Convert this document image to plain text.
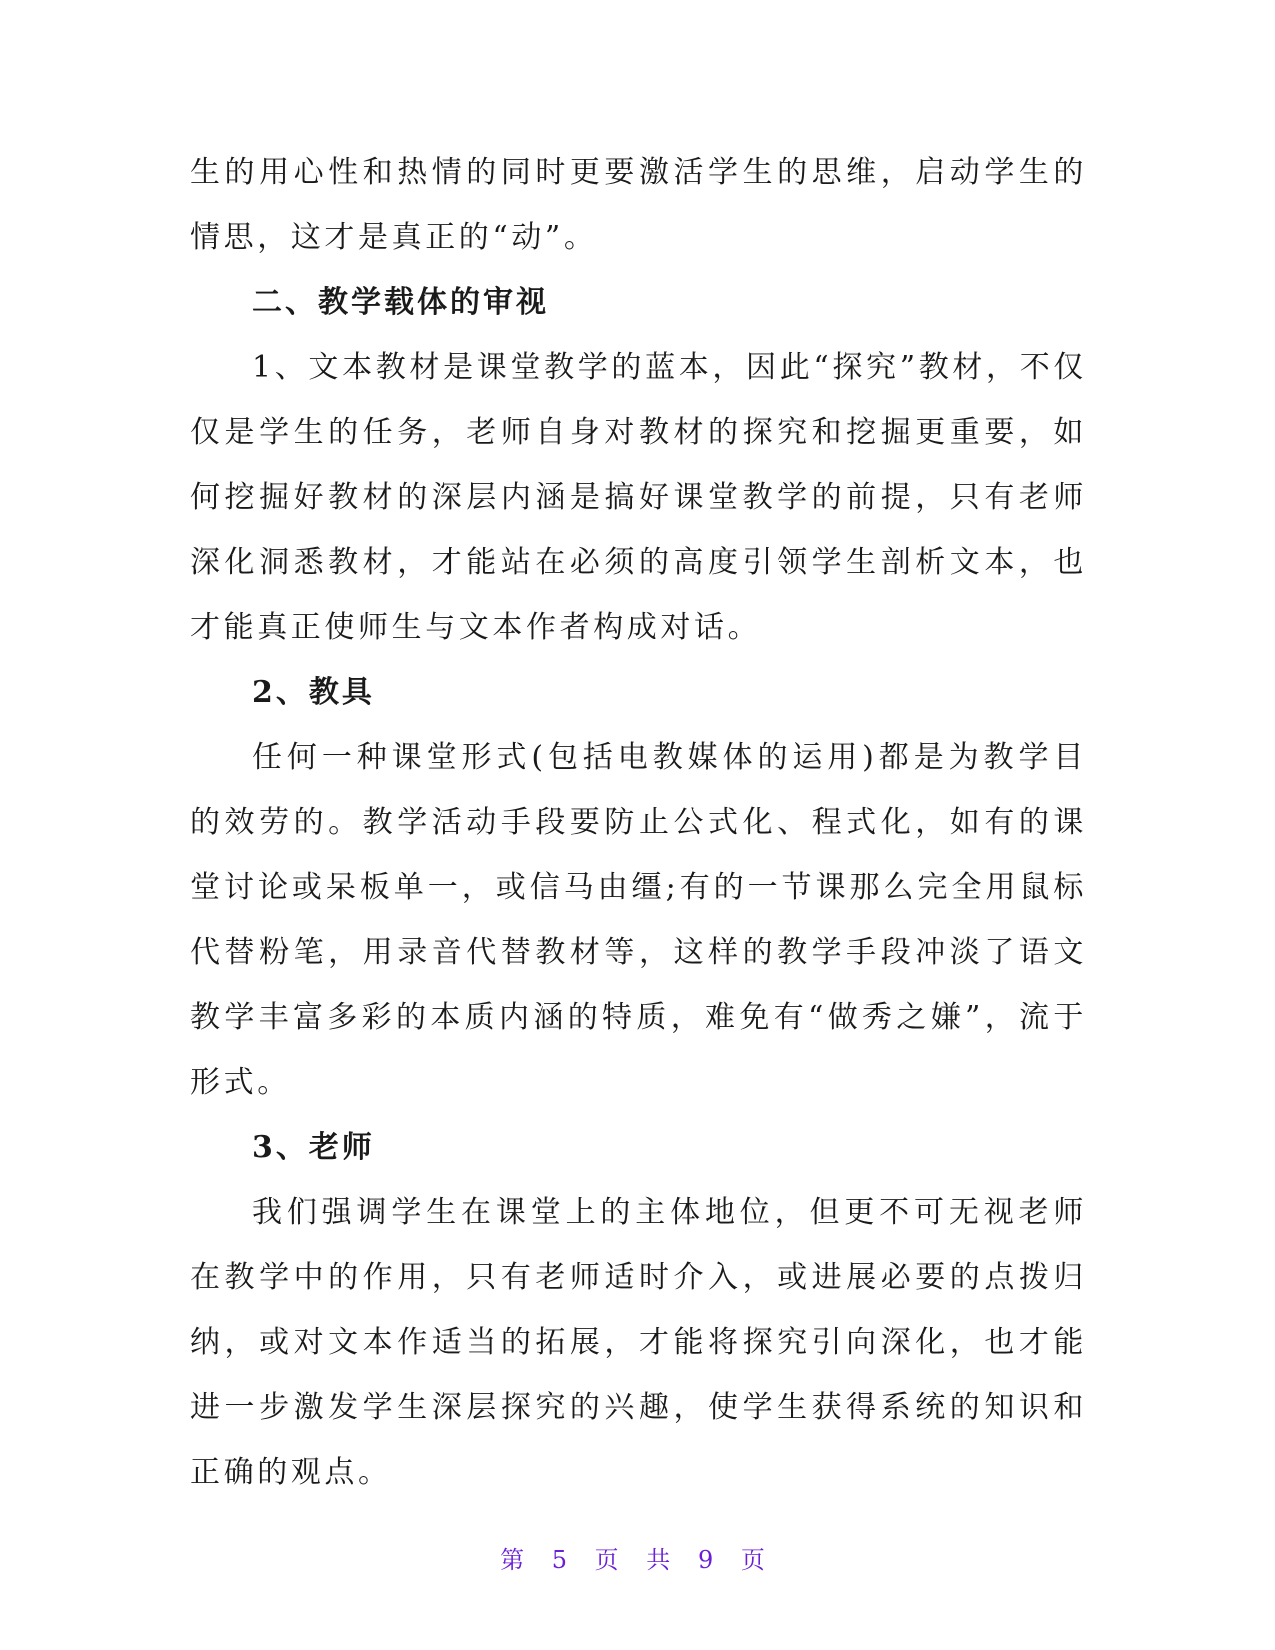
生的用心性和热情的同时更要激活学生的思维，启动学生的情思，这才是真正的“动”。

二、教学载体的审视

1、文本教材是课堂教学的蓝本，因此“探究”教材，不仅仅是学生的任务，老师自身对教材的探究和挖掘更重要，如何挖掘好教材的深层内涵是搞好课堂教学的前提，只有老师深化洞悉教材，才能站在必须的高度引领学生剖析文本，也才能真正使师生与文本作者构成对话。

2、教具

任何一种课堂形式(包括电教媒体的运用)都是为教学目的效劳的。教学活动手段要防止公式化、程式化，如有的课堂讨论或呆板单一，或信马由缰;有的一节课那么完全用鼠标代替粉笔，用录音代替教材等，这样的教学手段冲淡了语文教学丰富多彩的本质内涵的特质，难免有“做秀之嫌”，流于形式。

3、老师

我们强调学生在课堂上的主体地位，但更不可无视老师在教学中的作用，只有老师适时介入，或进展必要的点拨归纳，或对文本作适当的拓展，才能将探究引向深化，也才能进一步激发学生深层探究的兴趣，使学生获得系统的知识和正确的观点。

第 5 页 共 9 页
